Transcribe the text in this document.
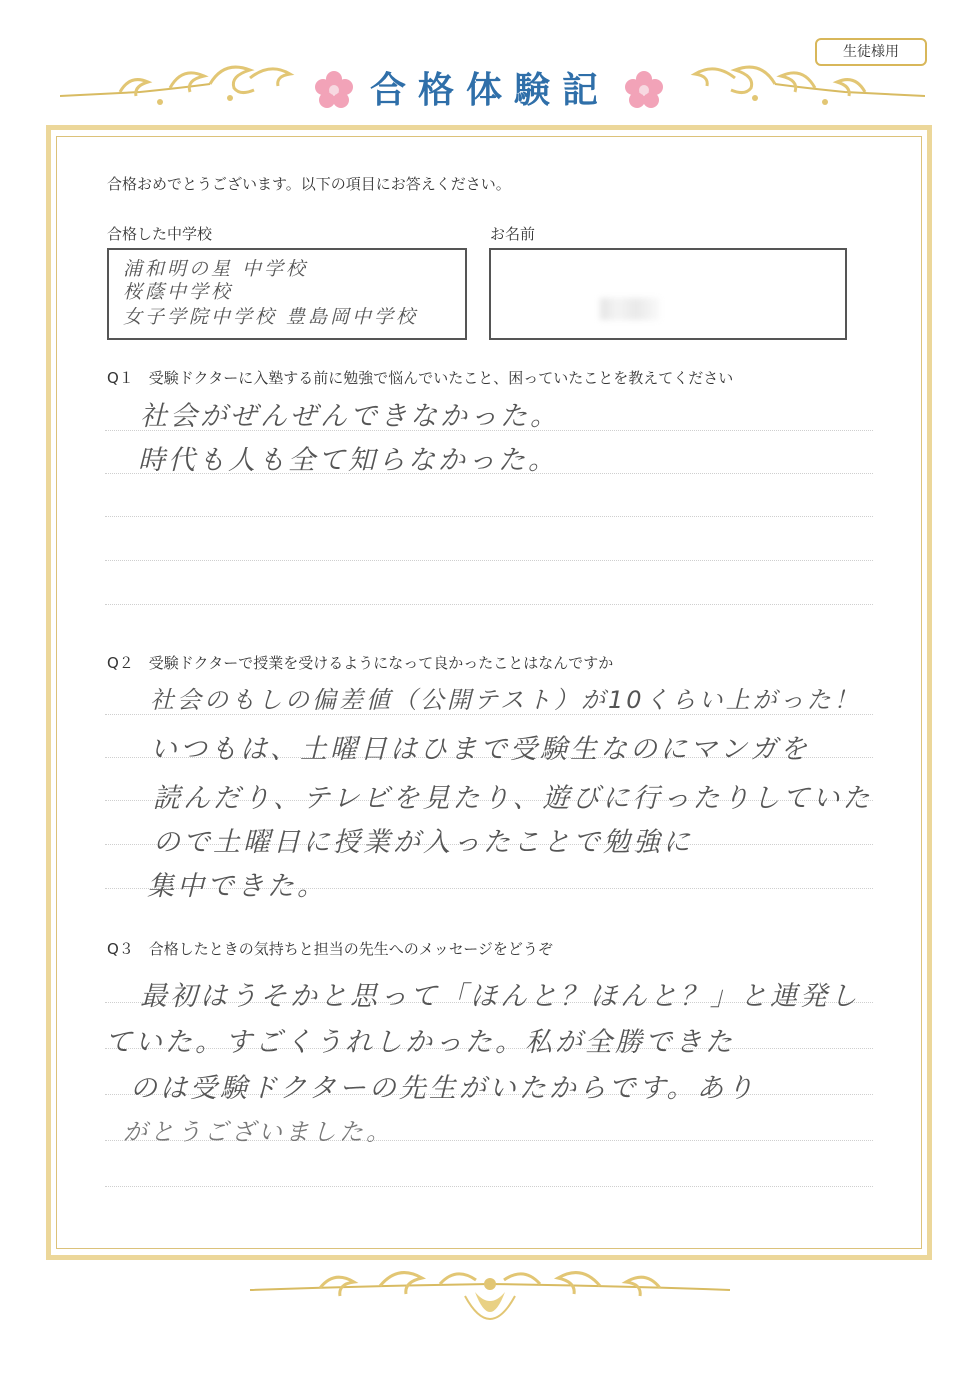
生徒様用
合格体験記
合格おめでとうございます。以下の項目にお答えください。
合格した中学校
浦和明の星 中学校
桜蔭中学校
女子学院中学校 豊島岡中学校
お名前
Q１　受験ドクターに入塾する前に勉強で悩んでいたこと、困っていたことを教えてください
社会がぜんぜんできなかった。
時代も人も全て知らなかった。
Q２　受験ドクターで授業を受けるようになって良かったことはなんですか
社会のもしの偏差値（公開テスト）が10くらい上がった！
いつもは、土曜日はひまで受験生なのにマンガを
読んだり、テレビを見たり、遊びに行ったりしていた
ので土曜日に授業が入ったことで勉強に
集中できた。
Q３　合格したときの気持ちと担当の先生へのメッセージをどうぞ
最初はうそかと思って「ほんと？ほんと？」と連発し
ていた。すごくうれしかった。私が全勝できた
のは受験ドクターの先生がいたからです。あり
がとうございました。
